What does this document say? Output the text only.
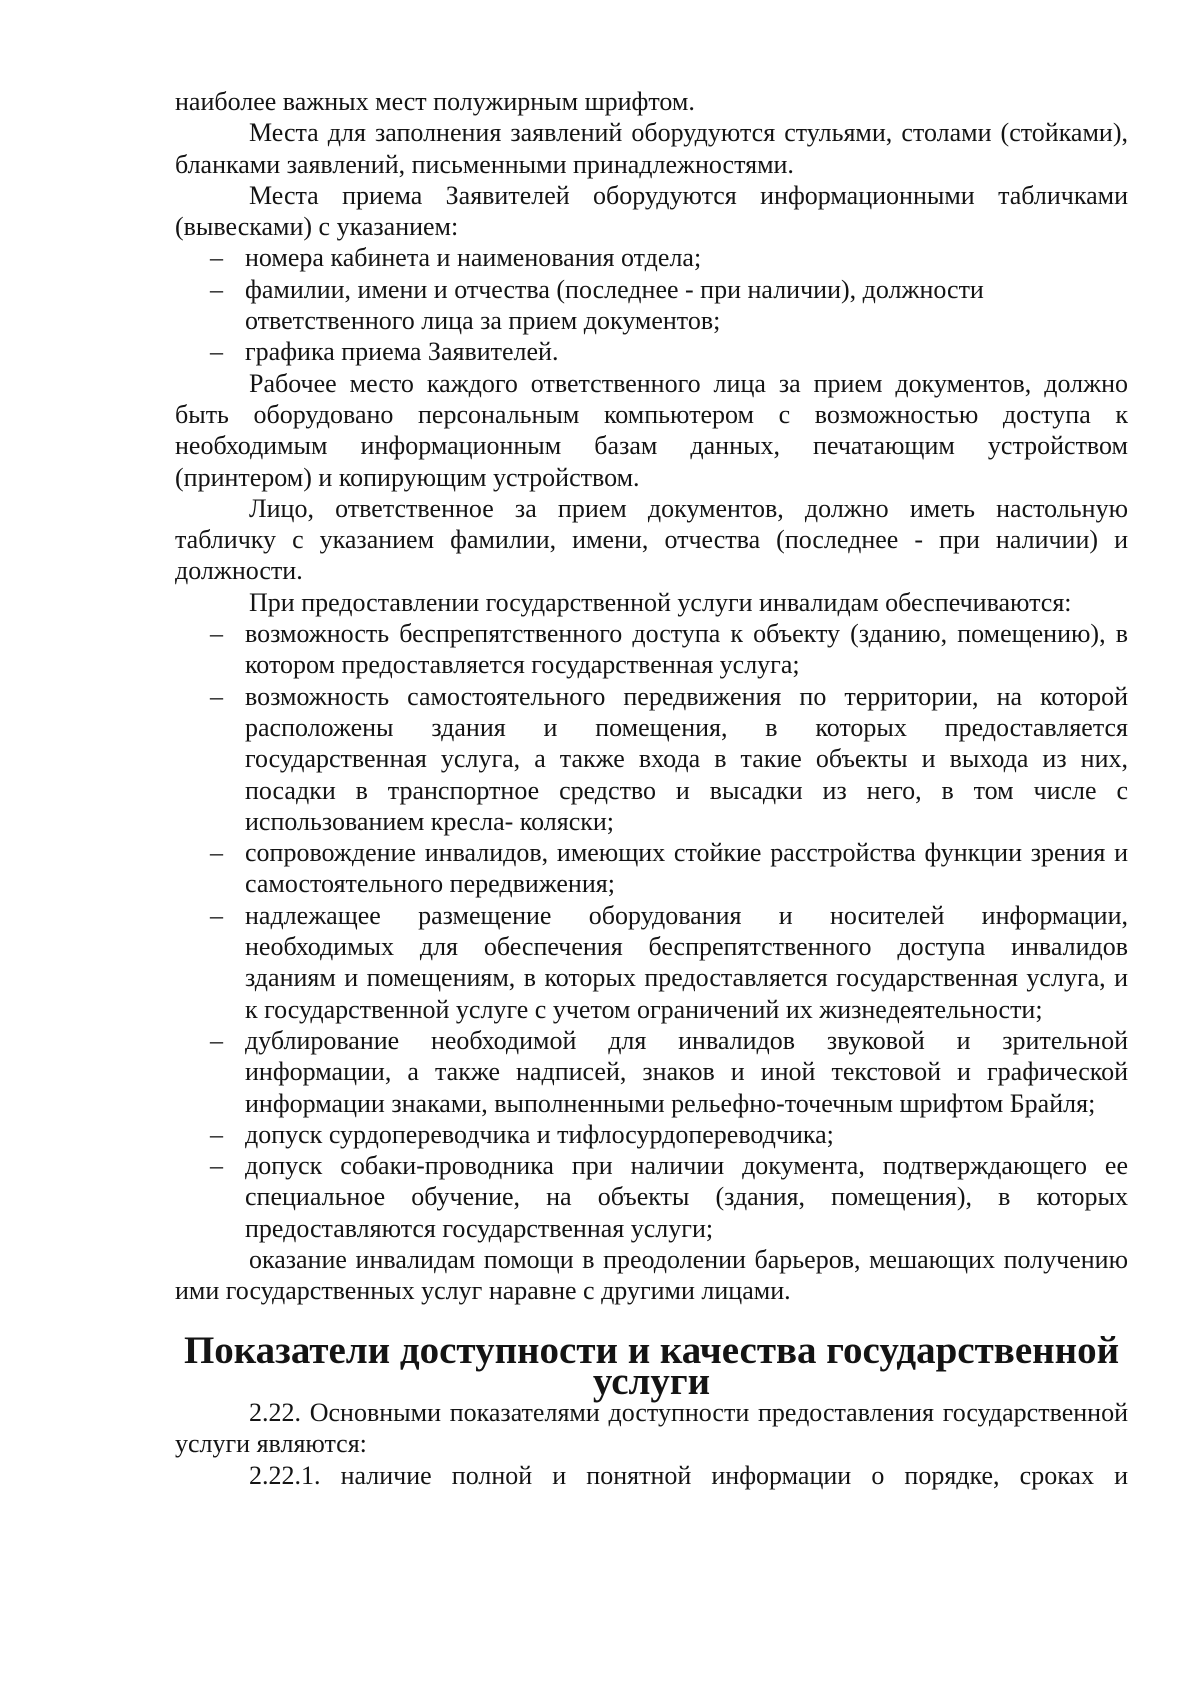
наиболее важных мест полужирным шрифтом.

Места для заполнения заявлений оборудуются стульями, столами (стойками), бланками заявлений, письменными принадлежностями.

Места приема Заявителей оборудуются информационными табличками (вывесками) с указанием:

– номера кабинета и наименования отдела;

– фамилии, имени и отчества (последнее - при наличии), должности ответственного лица за прием документов;

– графика приема Заявителей.

Рабочее место каждого ответственного лица за прием документов, должно быть оборудовано персональным компьютером с возможностью доступа к необходимым информационным базам данных, печатающим устройством (принтером) и копирующим устройством.

Лицо, ответственное за прием документов, должно иметь настольную табличку с указанием фамилии, имени, отчества (последнее - при наличии) и должности.

При предоставлении государственной услуги инвалидам обеспечиваются:

– возможность беспрепятственного доступа к объекту (зданию, помещению), в котором предоставляется государственная услуга;

– возможность самостоятельного передвижения по территории, на которой расположены здания и помещения, в которых предоставляется государственная услуга, а также входа в такие объекты и выхода из них, посадки в транспортное средство и высадки из него, в том числе с использованием кресла- коляски;

– сопровождение инвалидов, имеющих стойкие расстройства функции зрения и самостоятельного передвижения;

– надлежащее размещение оборудования и носителей информации, необходимых для обеспечения беспрепятственного доступа инвалидов зданиям и помещениям, в которых предоставляется государственная услуга, и к государственной услуге с учетом ограничений их жизнедеятельности;

– дублирование необходимой для инвалидов звуковой и зрительной информации, а также надписей, знаков и иной текстовой и графической информации знаками, выполненными рельефно-точечным шрифтом Брайля;

– допуск сурдопереводчика и тифлосурдопереводчика;

– допуск собаки-проводника при наличии документа, подтверждающего ее специальное обучение, на объекты (здания, помещения), в которых предоставляются государственная услуги;

оказание инвалидам помощи в преодолении барьеров, мешающих получению ими государственных услуг наравне с другими лицами.

Показатели доступности и качества государственной услуги

2.22. Основными показателями доступности предоставления государственной услуги являются:

2.22.1. наличие полной и понятной информации о порядке, сроках и
